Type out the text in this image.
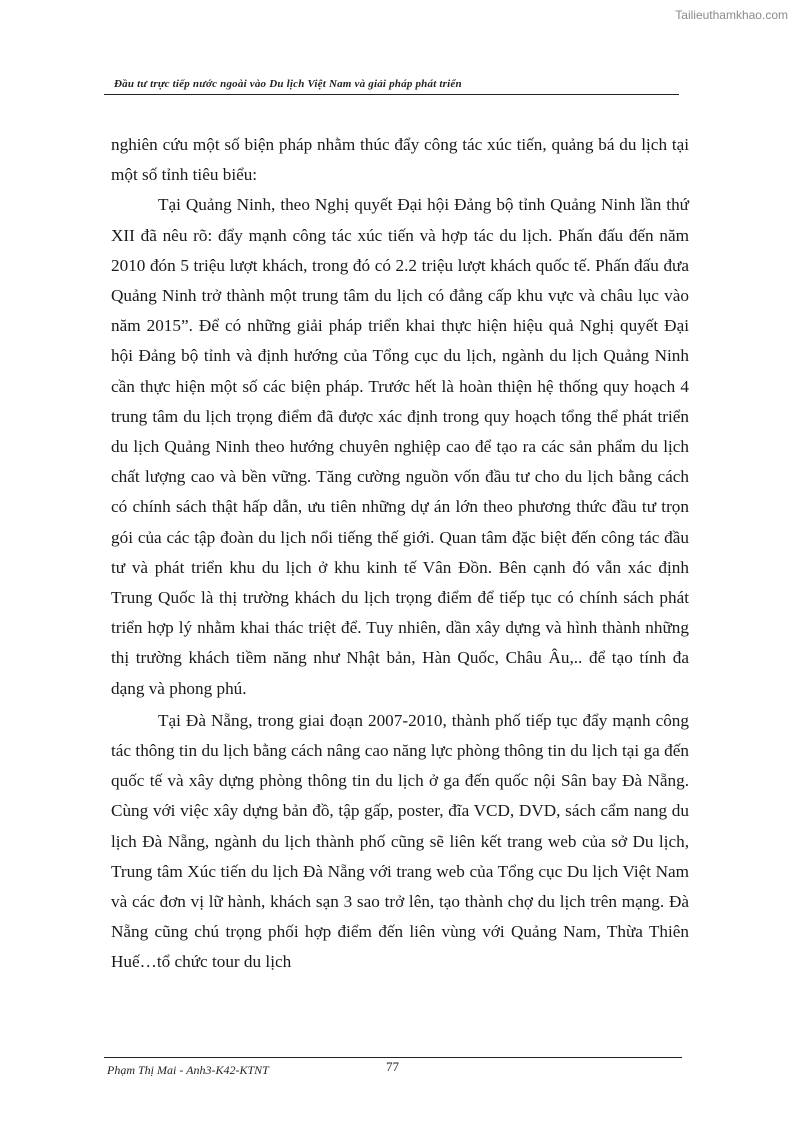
Tailieuthamkhao.com
Đầu tư trực tiếp nước ngoài vào Du lịch Việt Nam và giải pháp phát triển

nghiên cứu một số biện pháp nhằm thúc đẩy công tác xúc tiến, quảng bá du lịch tại một số tỉnh tiêu biểu:

Tại Quảng Ninh, theo Nghị quyết Đại hội Đảng bộ tỉnh Quảng Ninh lần thứ XII đã nêu rõ: đẩy mạnh công tác xúc tiến và hợp tác du lịch. Phấn đấu đến năm 2010 đón 5 triệu lượt khách, trong đó có 2.2 triệu lượt khách quốc tế. Phấn đấu đưa Quảng Ninh trở thành một trung tâm du lịch có đẳng cấp khu vực và châu lục vào năm 2015”. Để có những giải pháp triển khai thực hiện hiệu quả Nghị quyết Đại hội Đảng bộ tỉnh và định hướng của Tổng cục du lịch, ngành du lịch Quảng Ninh cần thực hiện một số các biện pháp. Trước hết là hoàn thiện hệ thống quy hoạch 4 trung tâm du lịch trọng điểm đã được xác định trong quy hoạch tổng thể phát triển du lịch Quảng Ninh theo hướng chuyên nghiệp cao để tạo ra các sản phẩm du lịch chất lượng cao và bền vững. Tăng cường nguồn vốn đầu tư cho du lịch bằng cách có chính sách thật hấp dẫn, ưu tiên những dự án lớn theo phương thức đầu tư trọn gói của các tập đoàn du lịch nổi tiếng thế giới. Quan tâm đặc biệt đến công tác đầu tư và phát triển khu du lịch ở khu kinh tế Vân Đồn. Bên cạnh đó vẫn xác định Trung Quốc là thị trường khách du lịch trọng điểm để tiếp tục có chính sách phát triển hợp lý nhằm khai thác triệt để. Tuy nhiên, dần xây dựng và hình thành những thị trường khách tiềm năng như Nhật bản, Hàn Quốc, Châu Âu,.. để tạo tính đa dạng và phong phú.

Tại Đà Nẵng, trong giai đoạn 2007-2010, thành phố tiếp tục đẩy mạnh công tác thông tin du lịch bằng cách nâng cao năng lực phòng thông tin du lịch tại ga đến quốc tế và xây dựng phòng thông tin du lịch ở ga đến quốc nội Sân bay Đà Nẵng. Cùng với việc xây dựng bản đồ, tập gấp, poster, đĩa VCD, DVD, sách cẩm nang du lịch Đà Nẵng, ngành du lịch thành phố cũng sẽ liên kết trang web của sở Du lịch, Trung tâm Xúc tiến du lịch Đà Nẵng với trang web của Tổng cục Du lịch Việt Nam và các đơn vị lữ hành, khách sạn 3 sao trở lên, tạo thành chợ du lịch trên mạng. Đà Nẵng cũng chú trọng phối hợp điểm đến liên vùng với Quảng Nam, Thừa Thiên Huế…tổ chức tour du lịch

Phạm Thị Mai - Anh3-K42-KTNT	77
